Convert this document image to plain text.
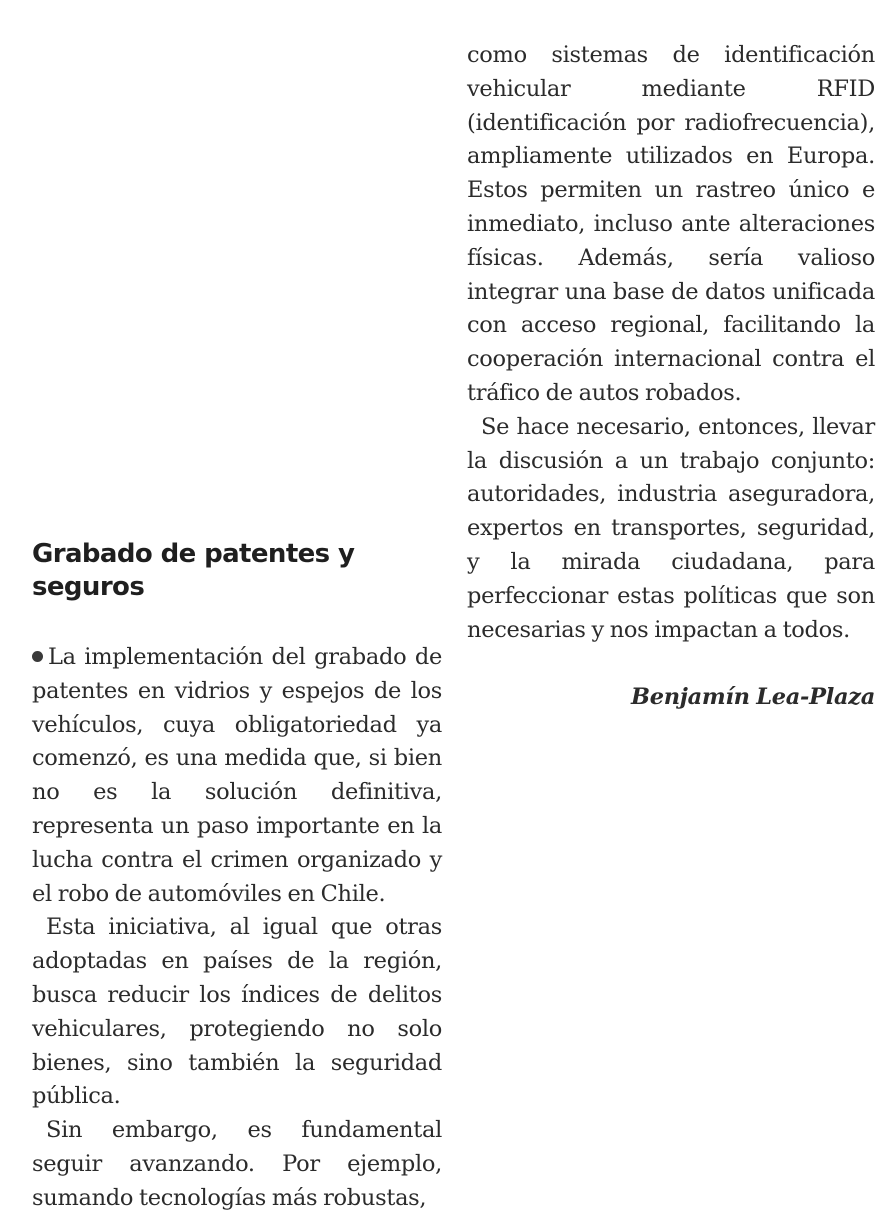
Grabado de patentes y seguros

La implementación del grabado de patentes en vidrios y espejos de los vehículos, cuya obligatoriedad ya comenzó, es una medida que, si bien no es la solución definitiva, representa un paso importante en la lucha contra el crimen organizado y el robo de automóviles en Chile.

Esta iniciativa, al igual que otras adoptadas en países de la región, busca reducir los índices de delitos vehiculares, protegiendo no solo bienes, sino también la seguridad pública.

Sin embargo, es fundamental seguir avanzando. Por ejemplo, sumando tecnologías más robustas,

como sistemas de identificación vehicular mediante RFID (identificación por radiofrecuencia), ampliamente utilizados en Europa. Estos permiten un rastreo único e inmediato, incluso ante alteraciones físicas. Además, sería valioso integrar una base de datos unificada con acceso regional, facilitando la cooperación internacional contra el tráfico de autos robados.

Se hace necesario, entonces, llevar la discusión a un trabajo conjunto: autoridades, industria aseguradora, expertos en transportes, seguridad, y la mirada ciudadana, para perfeccionar estas políticas que son necesarias y nos impactan a todos.

Benjamín Lea-Plaza
